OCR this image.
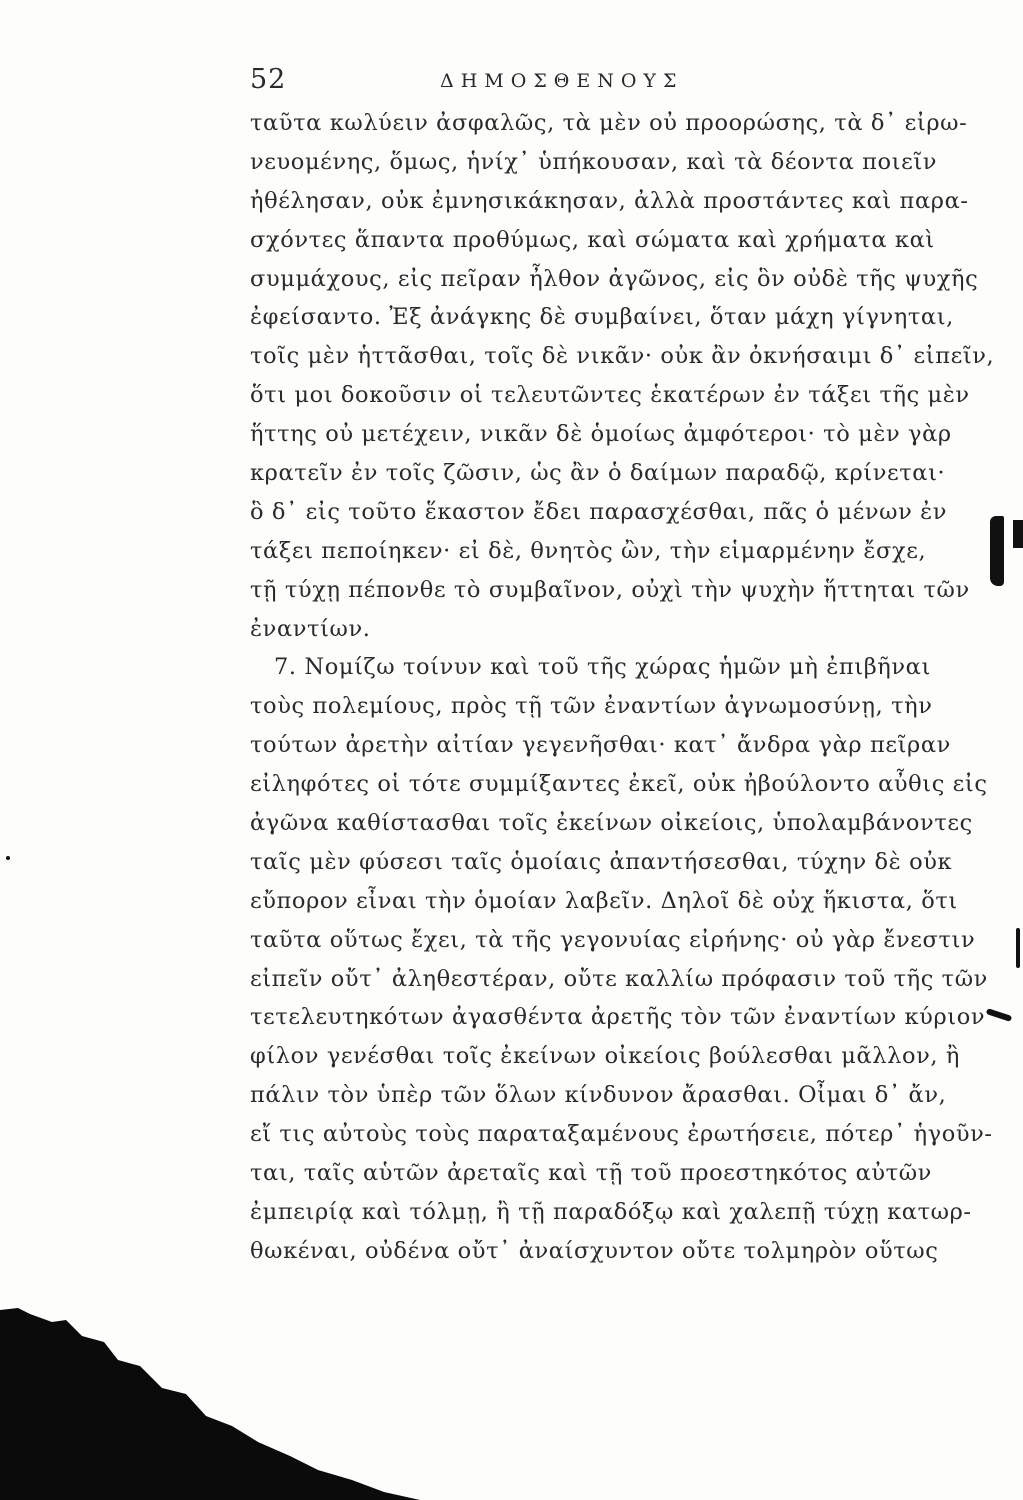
52	ΔΗΜΟΣΘΕΝΟΥΣ
ταῦτα κωλύειν ἀσφαλῶς, τὰ μὲν οὐ προορώσης, τὰ δ᾽ εἰρω-
νευομένης, ὅμως, ἡνίχ᾽ ὑπήκουσαν, καὶ τὰ δέοντα ποιεῖν
ἠθέλησαν, οὐκ ἐμνησικάκησαν, ἀλλὰ προστάντες καὶ παρα-
σχόντες ἅπαντα προθύμως, καὶ σώματα καὶ χρήματα καὶ
συμμάχους, εἰς πεῖραν ἦλθον ἀγῶνος, εἰς ὃν οὐδὲ τῆς ψυχῆς
ἐφείσαντο. Ἐξ ἀνάγκης δὲ συμβαίνει, ὅταν μάχη γίγνηται,
τοῖς μὲν ἡττᾶσθαι, τοῖς δὲ νικᾶν· οὐκ ἂν ὀκνήσαιμι δ᾽ εἰπεῖν,
ὅτι μοι δοκοῦσιν οἱ τελευτῶντες ἑκατέρων ἐν τάξει τῆς μὲν
ἥττης οὐ μετέχειν, νικᾶν δὲ ὁμοίως ἀμφότεροι· τὸ μὲν γὰρ
κρατεῖν ἐν τοῖς ζῶσιν, ὡς ἂν ὁ δαίμων παραδῷ, κρίνεται·
ὃ δ᾽ εἰς τοῦτο ἕκαστον ἔδει παρασχέσθαι, πᾶς ὁ μένων ἐν
τάξει πεποίηκεν· εἰ δὲ, θνητὸς ὢν, τὴν εἱμαρμένην ἔσχε,
τῇ τύχῃ πέπονθε τὸ συμβαῖνον, οὐχὶ τὴν ψυχὴν ἥττηται τῶν
ἐναντίων.
7. Νομίζω τοίνυν καὶ τοῦ τῆς χώρας ἡμῶν μὴ ἐπιβῆναι
τοὺς πολεμίους, πρὸς τῇ τῶν ἐναντίων ἀγνωμοσύνῃ, τὴν
τούτων ἀρετὴν αἰτίαν γεγενῆσθαι· κατ᾽ ἄνδρα γὰρ πεῖραν
εἰληφότες οἱ τότε συμμίξαντες ἐκεῖ, οὐκ ἠβούλοντο αὖθις εἰς
ἀγῶνα καθίστασθαι τοῖς ἐκείνων οἰκείοις, ὑπολαμβάνοντες
ταῖς μὲν φύσεσι ταῖς ὁμοίαις ἀπαντήσεσθαι, τύχην δὲ οὐκ
εὔπορον εἶναι τὴν ὁμοίαν λαβεῖν. Δηλοῖ δὲ οὐχ ἥκιστα, ὅτι
ταῦτα οὕτως ἔχει, τὰ τῆς γεγονυίας εἰρήνης· οὐ γὰρ ἔνεστιν
εἰπεῖν οὔτ᾽ ἀληθεστέραν, οὔτε καλλίω πρόφασιν τοῦ τῆς τῶν
τετελευτηκότων ἀγασθέντα ἀρετῆς τὸν τῶν ἐναντίων κύριον
φίλον γενέσθαι τοῖς ἐκείνων οἰκείοις βούλεσθαι μᾶλλον, ἢ
πάλιν τὸν ὑπὲρ τῶν ὅλων κίνδυνον ἄρασθαι. Οἶμαι δ᾽ ἄν,
εἴ τις αὐτοὺς τοὺς παραταξαμένους ἐρωτήσειε, πότερ᾽ ἡγοῦν-
ται, ταῖς αὑτῶν ἀρεταῖς καὶ τῇ τοῦ προεστηκότος αὐτῶν
ἐμπειρίᾳ καὶ τόλμῃ, ἢ τῇ παραδόξῳ καὶ χαλεπῇ τύχῃ κατωρ-
θωκέναι, οὐδένα οὔτ᾽ ἀναίσχυντον οὔτε τολμηρὸν οὕτως
